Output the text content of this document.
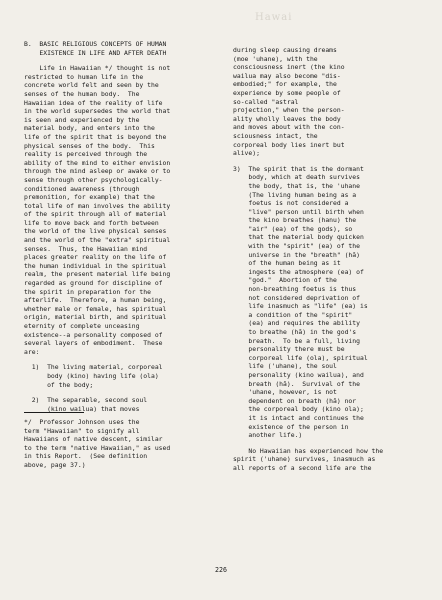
Hawai
B.  BASIC RELIGIOUS CONCEPTS OF HUMAN
EXISTENCE IN LIFE AND AFTER DEATH
Life in Hawaiian */ thought is not
restricted to human life in the
concrete world felt and seen by the
senses of the human body.  The
Hawaiian idea of the reality of life
in the world supersedes the world that
is seen and experienced by the
material body, and enters into the
life of the spirit that is beyond the
physical senses of the body.  This
reality is perceived through the
ability of the mind to either envision
through the mind asleep or awake or to
sense through other psychologically-
conditioned awareness (through
premonition, for example) that the
total life of man involves the ability
of the spirit through all of material
life to move back and forth between
the world of the live physical senses
and the world of the "extra" spiritual
senses.  Thus, the Hawaiian mind
places greater reality on the life of
the human individual in the spiritual
realm, the present material life being
regarded as ground for discipline of
the spirit in preparation for the
afterlife.  Therefore, a human being,
whether male or female, has spiritual
origin, material birth, and spiritual
eternity of complete unceasing
existence--a personality composed of
several layers of embodiment.  These
are:
1)  The living material, corporeal
body (kino) having life (ola)
of the body;
2)  The separable, second soul
(kino wailua) that moves
*/  Professor Johnson uses the
term "Hawaiian" to signify all
Hawaiians of native descent, similar
to the term "native Hawaiian," as used
in this Report.  (See definition
above, page 37.)
during sleep causing dreams
(moe 'uhane), with the
consciousness inert (the kino
wailua may also become "dis-
embodied;" for example, the
experience by some people of
so-called "astral
projection," when the person-
ality wholly leaves the body
and moves about with the con-
sciousness intact, the
corporeal body lies inert but
alive);
3)  The spirit that is the dormant
body, which at death survives
the body, that is, the 'uhane
(The living human being as a
foetus is not considered a
"live" person until birth when
the kino breathes (hanu) the
"air" (ea) of the gods), so
that the material body quicken
with the "spirit" (ea) of the
universe in the "breath" (hā)
of the human being as it
ingests the atmosphere (ea) of
"god."  Abortion of the
non-breathing foetus is thus
not considered deprivation of
life inasmuch as "life" (ea) is
a condition of the "spirit"
(ea) and requires the ability
to breathe (hā) in the god's
breath.  To be a full, living
personality there must be
corporeal life (ola), spiritual
life ('uhane), the soul
personality (kino wailua), and
breath (hā).  Survival of the
'uhane, however, is not
dependent on breath (hā) nor
the corporeal body (kino ola);
it is intact and continues the
existence of the person in
another life.)
No Hawaiian has experienced how the
spirit ('uhane) survives, inasmuch as
all reports of a second life are the
226
